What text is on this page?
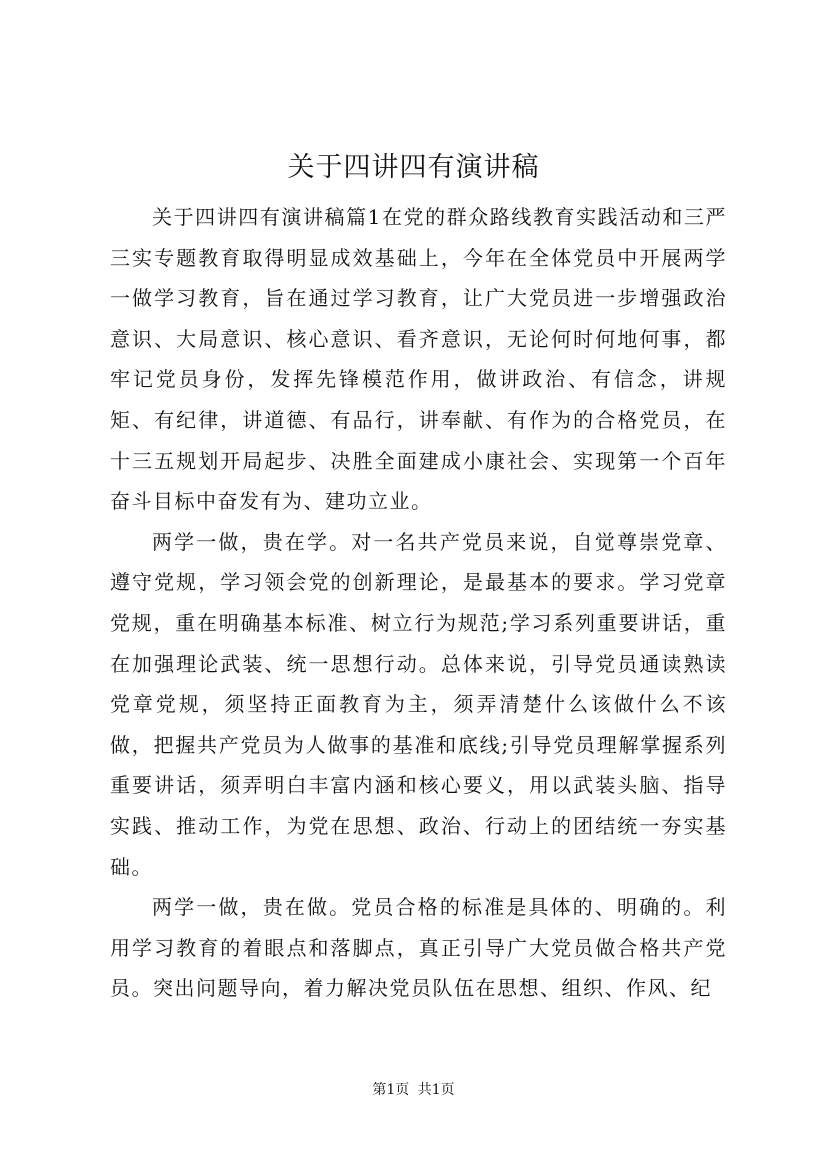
关于四讲四有演讲稿

关于四讲四有演讲稿篇1在党的群众路线教育实践活动和三严三实专题教育取得明显成效基础上，今年在全体党员中开展两学一做学习教育，旨在通过学习教育，让广大党员进一步增强政治意识、大局意识、核心意识、看齐意识，无论何时何地何事，都牢记党员身份，发挥先锋模范作用，做讲政治、有信念，讲规矩、有纪律，讲道德、有品行，讲奉献、有作为的合格党员，在十三五规划开局起步、决胜全面建成小康社会、实现第一个百年奋斗目标中奋发有为、建功立业。

两学一做，贵在学。对一名共产党员来说，自觉尊崇党章、遵守党规，学习领会党的创新理论，是最基本的要求。学习党章党规，重在明确基本标准、树立行为规范;学习系列重要讲话，重在加强理论武装、统一思想行动。总体来说，引导党员通读熟读党章党规，须坚持正面教育为主，须弄清楚什么该做什么不该做，把握共产党员为人做事的基准和底线;引导党员理解掌握系列重要讲话，须弄明白丰富内涵和核心要义，用以武装头脑、指导实践、推动工作，为党在思想、政治、行动上的团结统一夯实基础。

两学一做，贵在做。党员合格的标准是具体的、明确的。利用学习教育的着眼点和落脚点，真正引导广大党员做合格共产党员。突出问题导向，着力解决党员队伍在思想、组织、作风、纪

第1页 共1页
